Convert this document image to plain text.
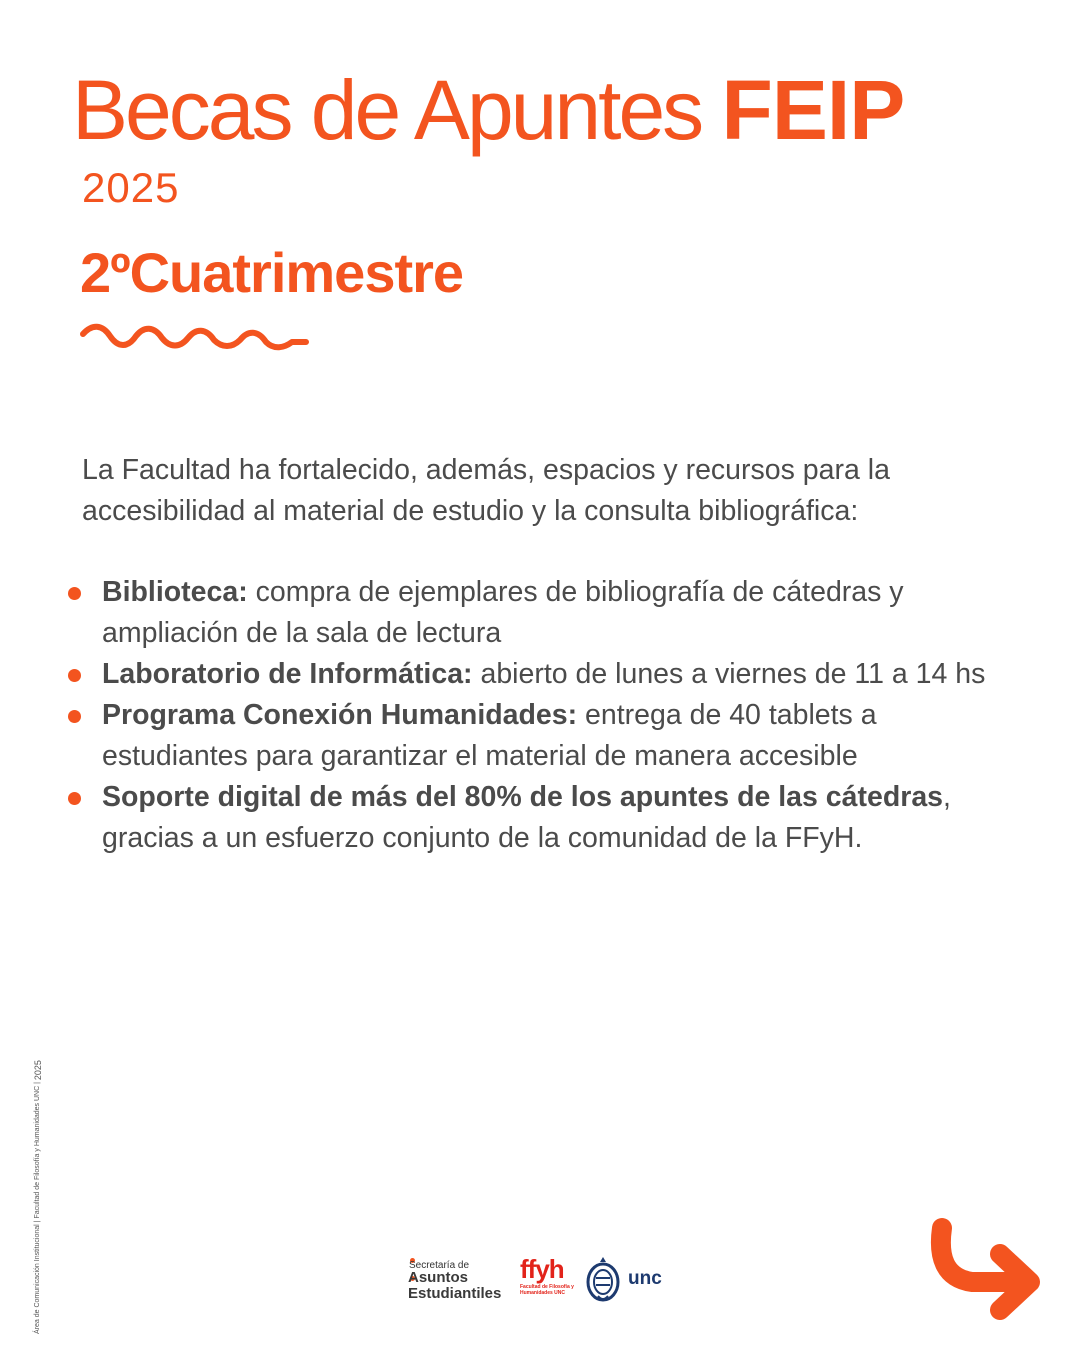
Becas de Apuntes FEIP
2025
2ºCuatrimestre

La Facultad ha fortalecido, además, espacios y recursos para la accesibilidad al material de estudio y la consulta bibliográfica:

Biblioteca: compra de ejemplares de bibliografía de cátedras y ampliación de la sala de lectura
Laboratorio de Informática: abierto de lunes a viernes de 11 a 14 hs
Programa Conexión Humanidades: entrega de 40 tablets a estudiantes para garantizar el material de manera accesible
Soporte digital de más del 80% de los apuntes de las cátedras, gracias a un esfuerzo conjunto de la comunidad de la FFyH.
Área de Comunicación Institucional | Facultad de Filosofía y Humanidades UNC | 2025
Secretaría de
Asuntos
Estudiantiles
ffyh
Facultad de Filosofía y Humanidades UNC
unc
